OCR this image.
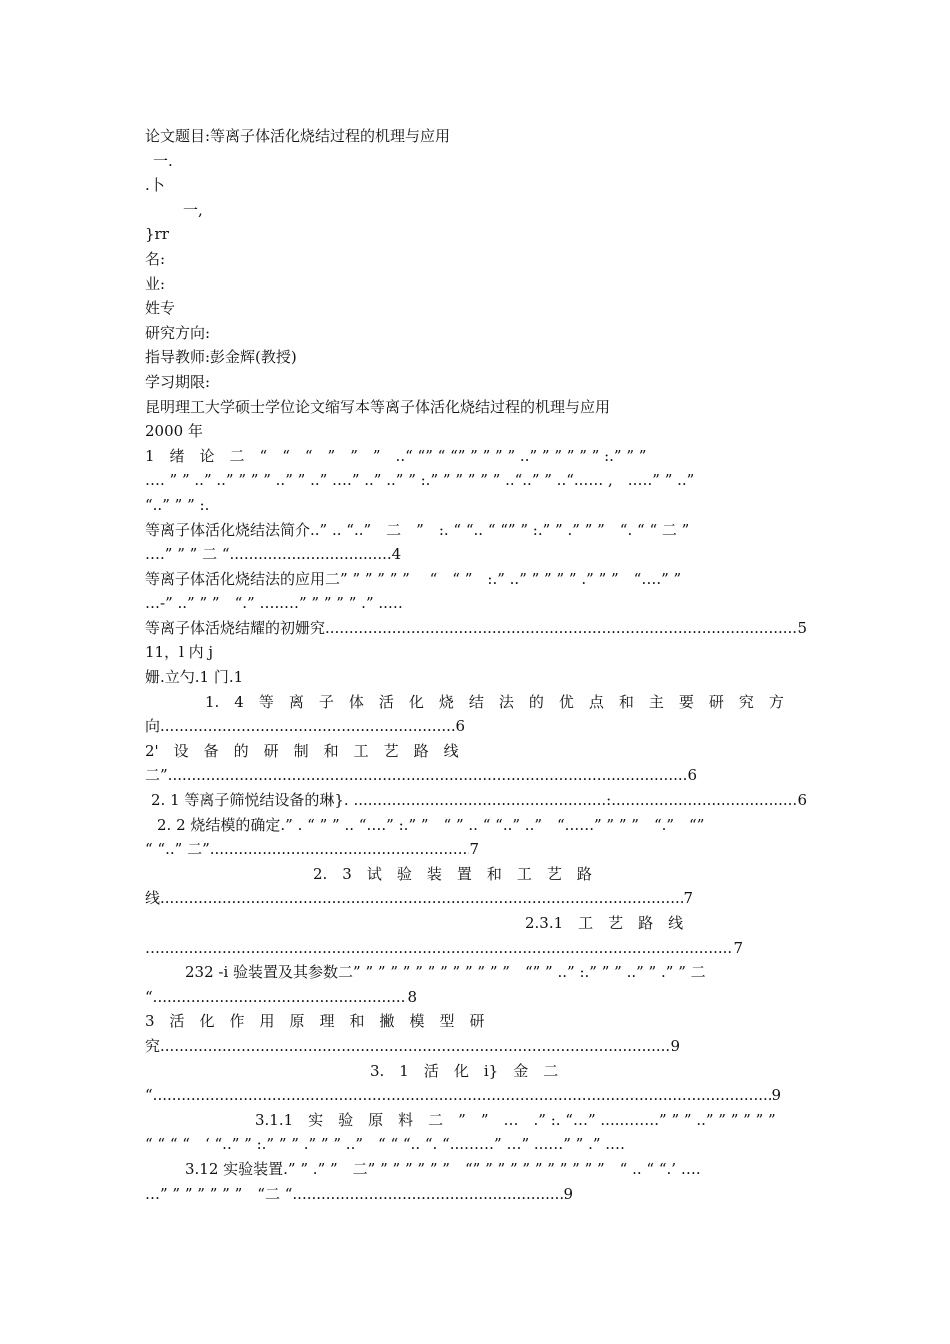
论文题目:等离子体活化烧结过程的机理与应用
一.
.卜
一,
}rr
名:
业:
姓专
研究方向:
指导教师:彭金辉(教授)
学习期限:
昆明理工大学硕士学位论文缩写本等离子体活化烧结过程的机理与应用
2000 年
1　绪　论　二　“　“　“　”　”　”　..“ “” “ “” ” ” ” ” ..” ” ” ” ” ” :.” ” ”
…. ” ” ..” ..” ” ” ” ..” ” ..” ….” ..” ..” ” :.” ” ” ” ” ” ..“..” ” ..“..…. ,　.….” ” ..”
“..” ” ” :.
等离子体活化烧结法简介..” .. “..”　二　”　:. “ “.. “ “” ” :.” ” .” ” ”　“. “ “ 二 ”
….” ” ” 二 “..................................4
等离子体活化烧结法的应用二” ” ” ” ” ” 　“　“ ”　:.” ..” ” ” ” ” .” ” ”　“….” ”
…-” ..” ” ”　“.” …..…” ” ” ” ” .” ..…
等离子体活烧结耀的初姗究 .....	5
11，l 内 j
姗.立勺.1 门.1
1.　4　等　离　子　体　活　化　烧　结　法　的　优　点　和　主　要　研　究　方
向 .....	6
2'　设　备　的　研　制　和　工　艺　路　线
二” .....	6
2. 1 等离子筛悦结设备的琳}. .....................................................: .....	6
2. 2 烧结模的确定.” . “ ” ” .. “….” :.” ”　“ ” .. “ “..” ..”　“..….” ” ” ”　“.”　“”
“ “..” 二” .....	7
2.　3　试　验　装　置　和　工　艺　路
线 .....	7
2.3.1　工　艺　路　线
… .....	7
232 -i 验装置及其参数二” ” ” ” ” ” ” ” ” ” ” ” ”　“” ” ..” :.” ” ” ..” ” .” ” 二
“ .....	8
3　活　化　作　用　原　理　和　撇　模　型　研
究 .....	9
3.　1　活　化　i}　金　二
“ .....	9
3.1.1　实　验　原　料　二　”　”　…　.” :. “…” .....…….” ” ” ..” ” ” ” ” ”
“ “ “ “　‘ “..” ” :.” ” ” .” ” ” ..”　“ “ “.. “. “...……” …” ...…” ” .” .…
3.12 实验装置.” ” .” ”　二” ” ” ” ” ” ”　“” ” ” ” ” ” ” ” ” ” ”　“ .. “ “.’ ….
…” ” ” ” ” ” ”　“二 “ .....	9
